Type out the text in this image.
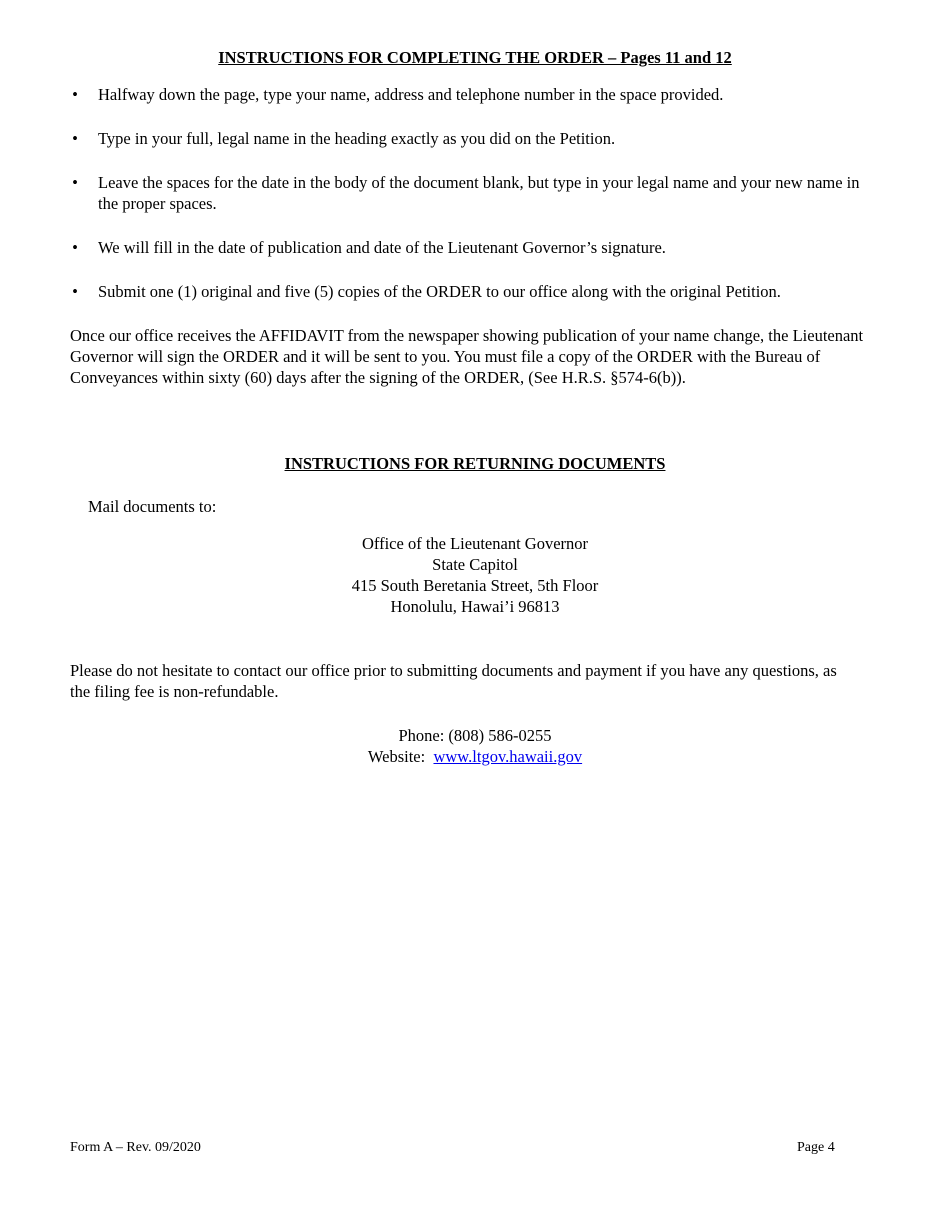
INSTRUCTIONS FOR COMPLETING THE ORDER – Pages 11 and 12
• Halfway down the page, type your name, address and telephone number in the space provided.
• Type in your full, legal name in the heading exactly as you did on the Petition.
• Leave the spaces for the date in the body of the document blank, but type in your legal name and your new name in the proper spaces.
• We will fill in the date of publication and date of the Lieutenant Governor’s signature.
• Submit one (1) original and five (5) copies of the ORDER to our office along with the original Petition.

Once our office receives the AFFIDAVIT from the newspaper showing publication of your name change, the Lieutenant Governor will sign the ORDER and it will be sent to you. You must file a copy of the ORDER with the Bureau of Conveyances within sixty (60) days after the signing of the ORDER, (See H.R.S. §574-6(b)).

INSTRUCTIONS FOR RETURNING DOCUMENTS
Mail documents to:
Office of the Lieutenant Governor
State Capitol
415 South Beretania Street, 5th Floor
Honolulu, Hawai’i 96813

Please do not hesitate to contact our office prior to submitting documents and payment if you have any questions, as the filing fee is non-refundable.

Phone: (808) 586-0255
Website: www.ltgov.hawaii.gov
Form A – Rev. 09/2020	Page 4
